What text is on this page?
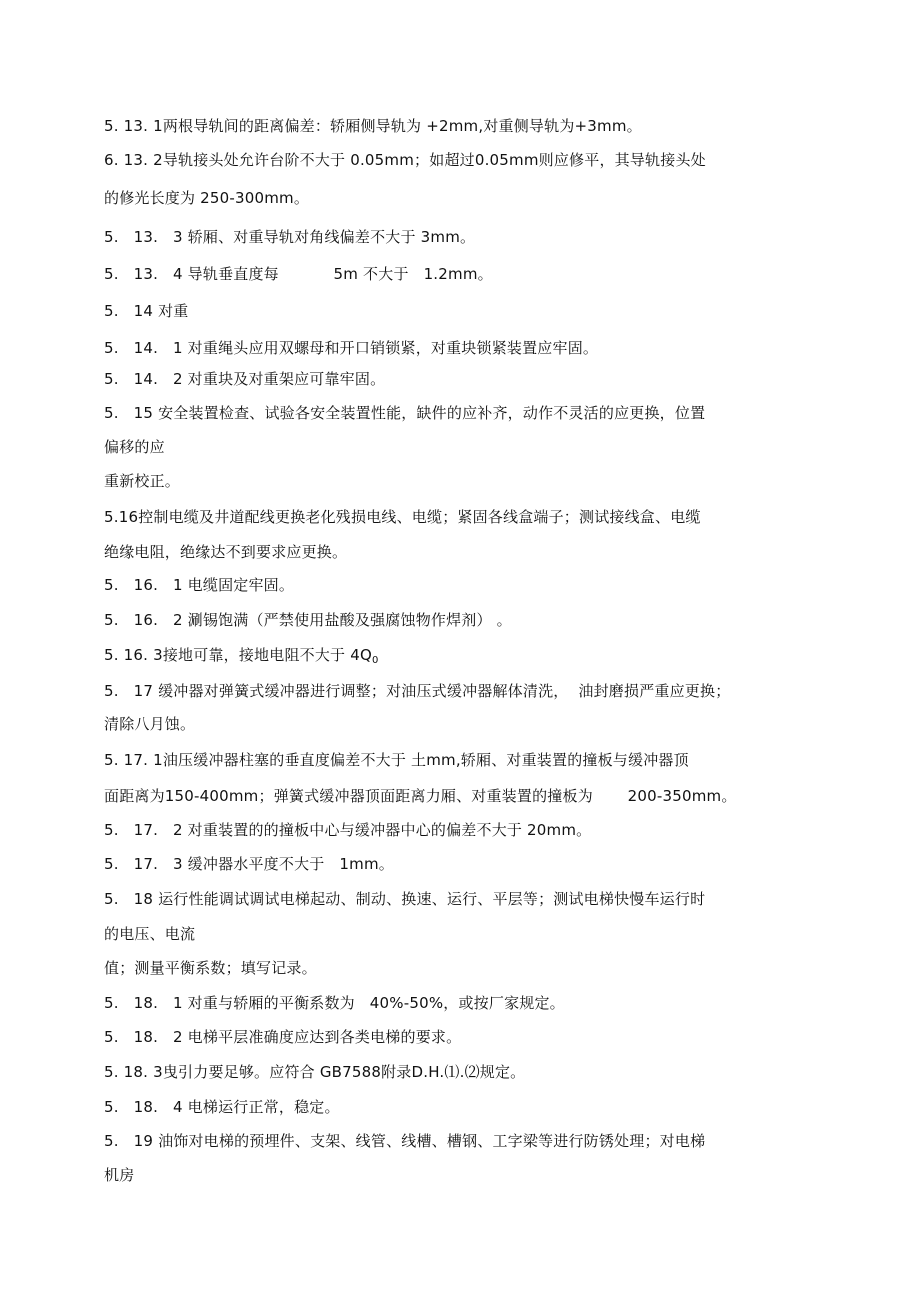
5. 13. 1两根导轨间的距离偏差：轿厢侧导轨为 +2mm,对重侧导轨为+3mm。
6. 13. 2导轨接头处允许台阶不大于 0.05mm；如超过0.05mm则应修平，其导轨接头处
的修光长度为 250-300mm。
5.   13.   3 轿厢、对重导轨对角线偏差不大于 3mm。
5.   13.   4 导轨垂直度每           5m 不大于   1.2mm。
5.   14 对重
5.   14.   1 对重绳头应用双螺母和开口销锁紧，对重块锁紧装置应牢固。
5.   14.   2 对重块及对重架应可靠牢固。
5.   15 安全装置检查、试验各安全装置性能，缺件的应补齐，动作不灵活的应更换，位置
偏移的应
重新校正。
5.16控制电缆及井道配线更换老化残损电线、电缆；紧固各线盒端子；测试接线盒、电缆
绝缘电阻，绝缘达不到要求应更换。
5.   16.   1 电缆固定牢固。
5.   16.   2 涮锡饱满（严禁使用盐酸及强腐蚀物作焊剂） 。
5. 16. 3接地可靠，接地电阻不大于 $4Q_0$
5.   17 缓冲器对弹簧式缓冲器进行调整；对油压式缓冲器解体清洗，  油封磨损严重应更换；
清除八月蚀。
5. 17. 1油压缓冲器柱塞的垂直度偏差不大于 土mm,轿厢、对重装置的撞板与缓冲器顶
面距离为150-400mm；弹簧式缓冲器顶面距离力厢、对重装置的撞板为       200-350mm。
5.   17.   2 对重装置的的撞板中心与缓冲器中心的偏差不大于 20mm。
5.   17.   3 缓冲器水平度不大于   1mm。
5.   18 运行性能调试调试电梯起动、制动、换速、运行、平层等；测试电梯快慢车运行时
的电压、电流
值；测量平衡系数；填写记录。
5.   18.   1 对重与轿厢的平衡系数为   40%-50%，或按厂家规定。
5.   18.   2 电梯平层准确度应达到各类电梯的要求。
5. 18. 3曳引力要足够。应符合 GB7588附录D.H.⑴.⑵规定。
5.   18.   4 电梯运行正常，稳定。
5.   19 油饰对电梯的预埋件、支架、线管、线槽、槽钢、工字梁等进行防锈处理；对电梯
机房
